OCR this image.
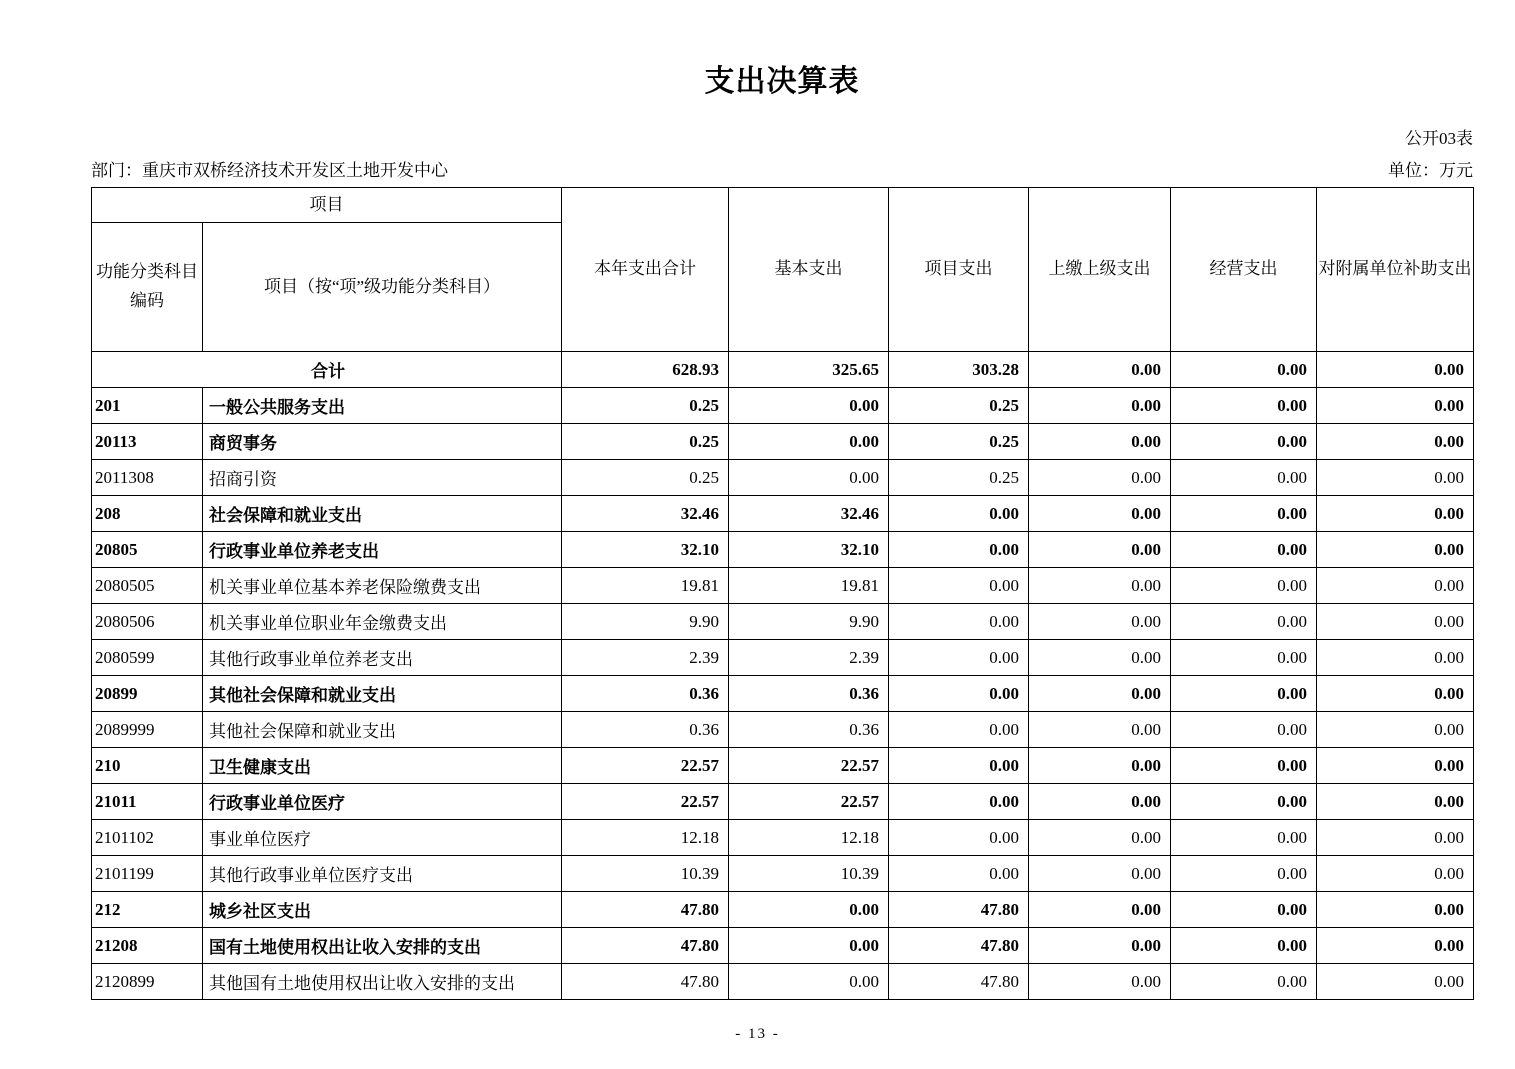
支出决算表
公开03表
部门：重庆市双桥经济技术开发区土地开发中心	单位：万元
项目		本年支出合计	基本支出	项目支出	上缴上级支出	经营支出	对附属单位补助支出
功能分类科目编码	项目（按“项”级功能分类科目）						
合计		628.93	325.65	303.28	0.00	0.00	0.00
201	一般公共服务支出	0.25	0.00	0.25	0.00	0.00	0.00
20113	商贸事务	0.25	0.00	0.25	0.00	0.00	0.00
2011308	招商引资	0.25	0.00	0.25	0.00	0.00	0.00
208	社会保障和就业支出	32.46	32.46	0.00	0.00	0.00	0.00
20805	行政事业单位养老支出	32.10	32.10	0.00	0.00	0.00	0.00
2080505	机关事业单位基本养老保险缴费支出	19.81	19.81	0.00	0.00	0.00	0.00
2080506	机关事业单位职业年金缴费支出	9.90	9.90	0.00	0.00	0.00	0.00
2080599	其他行政事业单位养老支出	2.39	2.39	0.00	0.00	0.00	0.00
20899	其他社会保障和就业支出	0.36	0.36	0.00	0.00	0.00	0.00
2089999	其他社会保障和就业支出	0.36	0.36	0.00	0.00	0.00	0.00
210	卫生健康支出	22.57	22.57	0.00	0.00	0.00	0.00
21011	行政事业单位医疗	22.57	22.57	0.00	0.00	0.00	0.00
2101102	事业单位医疗	12.18	12.18	0.00	0.00	0.00	0.00
2101199	其他行政事业单位医疗支出	10.39	10.39	0.00	0.00	0.00	0.00
212	城乡社区支出	47.80	0.00	47.80	0.00	0.00	0.00
21208	国有土地使用权出让收入安排的支出	47.80	0.00	47.80	0.00	0.00	0.00
2120899	其他国有土地使用权出让收入安排的支出	47.80	0.00	47.80	0.00	0.00	0.00
- 13 -
